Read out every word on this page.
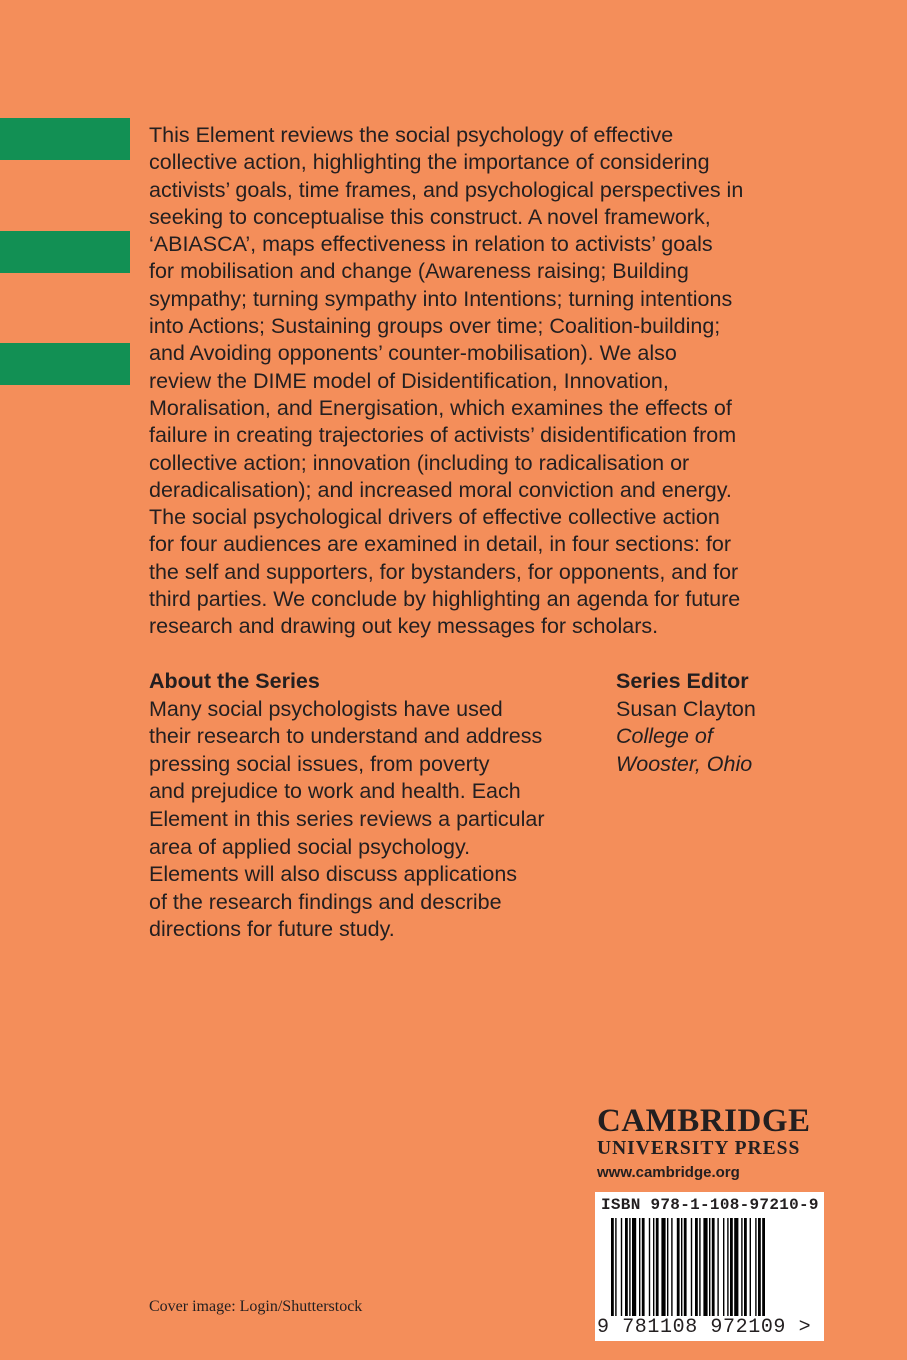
This Element reviews the social psychology of effective
collective action, highlighting the importance of considering
activists’ goals, time frames, and psychological perspectives in
seeking to conceptualise this construct. A novel framework,
‘ABIASCA’, maps effectiveness in relation to activists’ goals
for mobilisation and change (Awareness raising; Building
sympathy; turning sympathy into Intentions; turning intentions
into Actions; Sustaining groups over time; Coalition-building;
and Avoiding opponents’ counter-mobilisation). We also
review the DIME model of Disidentification, Innovation,
Moralisation, and Energisation, which examines the effects of
failure in creating trajectories of activists’ disidentification from
collective action; innovation (including to radicalisation or
deradicalisation); and increased moral conviction and energy.
The social psychological drivers of effective collective action
for four audiences are examined in detail, in four sections: for
the self and supporters, for bystanders, for opponents, and for
third parties. We conclude by highlighting an agenda for future
research and drawing out key messages for scholars.
About the Series

Many social psychologists have used
their research to understand and address
pressing social issues, from poverty
and prejudice to work and health. Each
Element in this series reviews a particular
area of applied social psychology.
Elements will also discuss applications
of the research findings and describe
directions for future study.

Series Editor
Susan Clayton
College of
Wooster, Ohio
CAMBRIDGE
UNIVERSITY PRESS
www.cambridge.org
ISBN 978-1-108-97210-9
9 781108 972109 >
Cover image: Login/Shutterstock
